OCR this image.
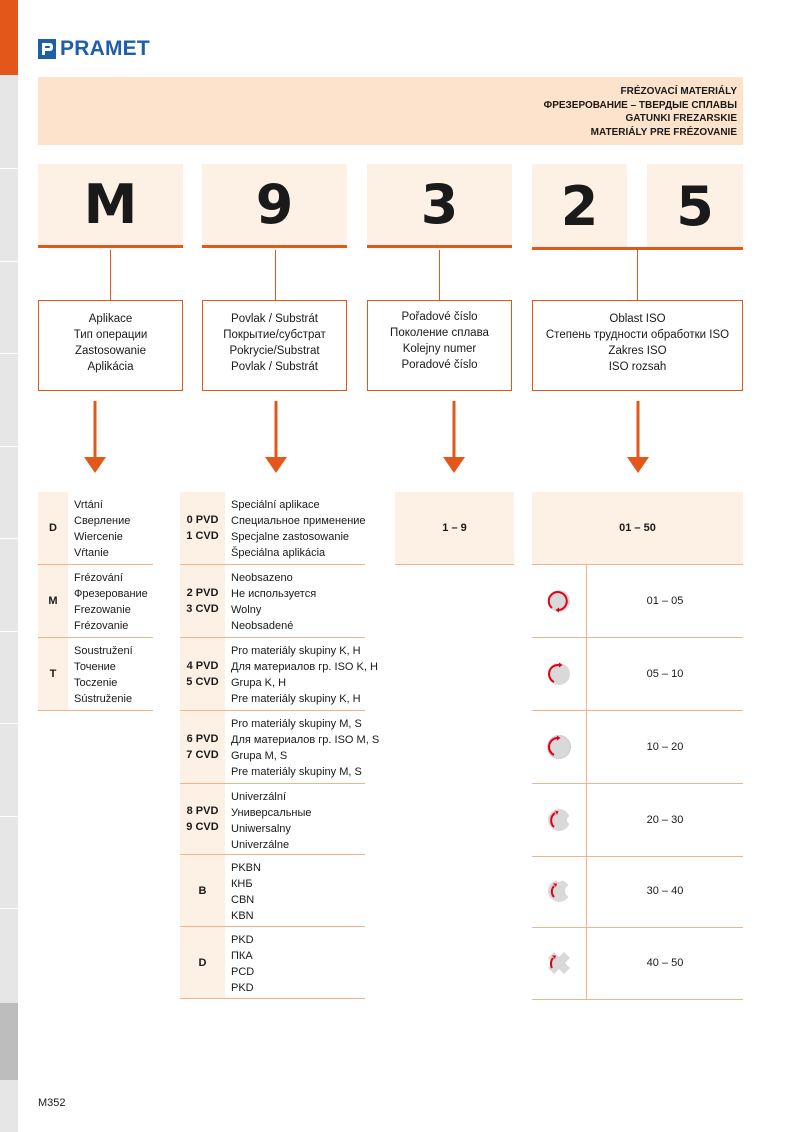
PRAMET
FRÉZOVACÍ MATERIÁLY
ФРЕЗЕРОВАНИЕ – ТВЕРДЫЕ СПЛАВЫ
GATUNKI FREZARSKIE
MATERIÁLY PRE FRÉZOVANIE
M	9	3	2	5
Aplikace
Тип операции
Zastosowanie
Aplikácia
Povlak / Substrát
Покрытие/субстрат
Pokrycie/Substrat
Povlak / Substrát
Pořadové číslo
Поколение сплава
Kolejny numer
Poradové číslo
Oblast ISO
Степень трудности обработки ISO
Zakres ISO
ISO rozsah
D
Vrtání
Сверление
Wiercenie
Vŕtanie
M
Frézování
Фрезерование
Frezowanie
Frézovanie
T
Soustružení
Точение
Toczenie
Sústruženie
0 PVD
1 CVD
Speciální aplikace
Специальное применение
Specjalne zastosowanie
Špeciálna aplikácia
2 PVD
3 CVD
Neobsazeno
Не используется
Wolny
Neobsadené
4 PVD
5 CVD
Pro materiály skupiny K, H
Для материалов гр. ISO K, H
Grupa K, H
Pre materiály skupiny K, H
6 PVD
7 CVD
Pro materiály skupiny M, S
Для материалов гр. ISO M, S
Grupa M, S
Pre materiály skupiny M, S
8 PVD
9 CVD
Univerzální
Универсальные
Uniwersalny
Univerzálne
B
PKBN
КНБ
CBN
KBN
D
PKD
ПКА
PCD
PKD
1 – 9	01 – 50
01 – 05
05 – 10
10 – 20
20 – 30
30 – 40
40 – 50
M352
